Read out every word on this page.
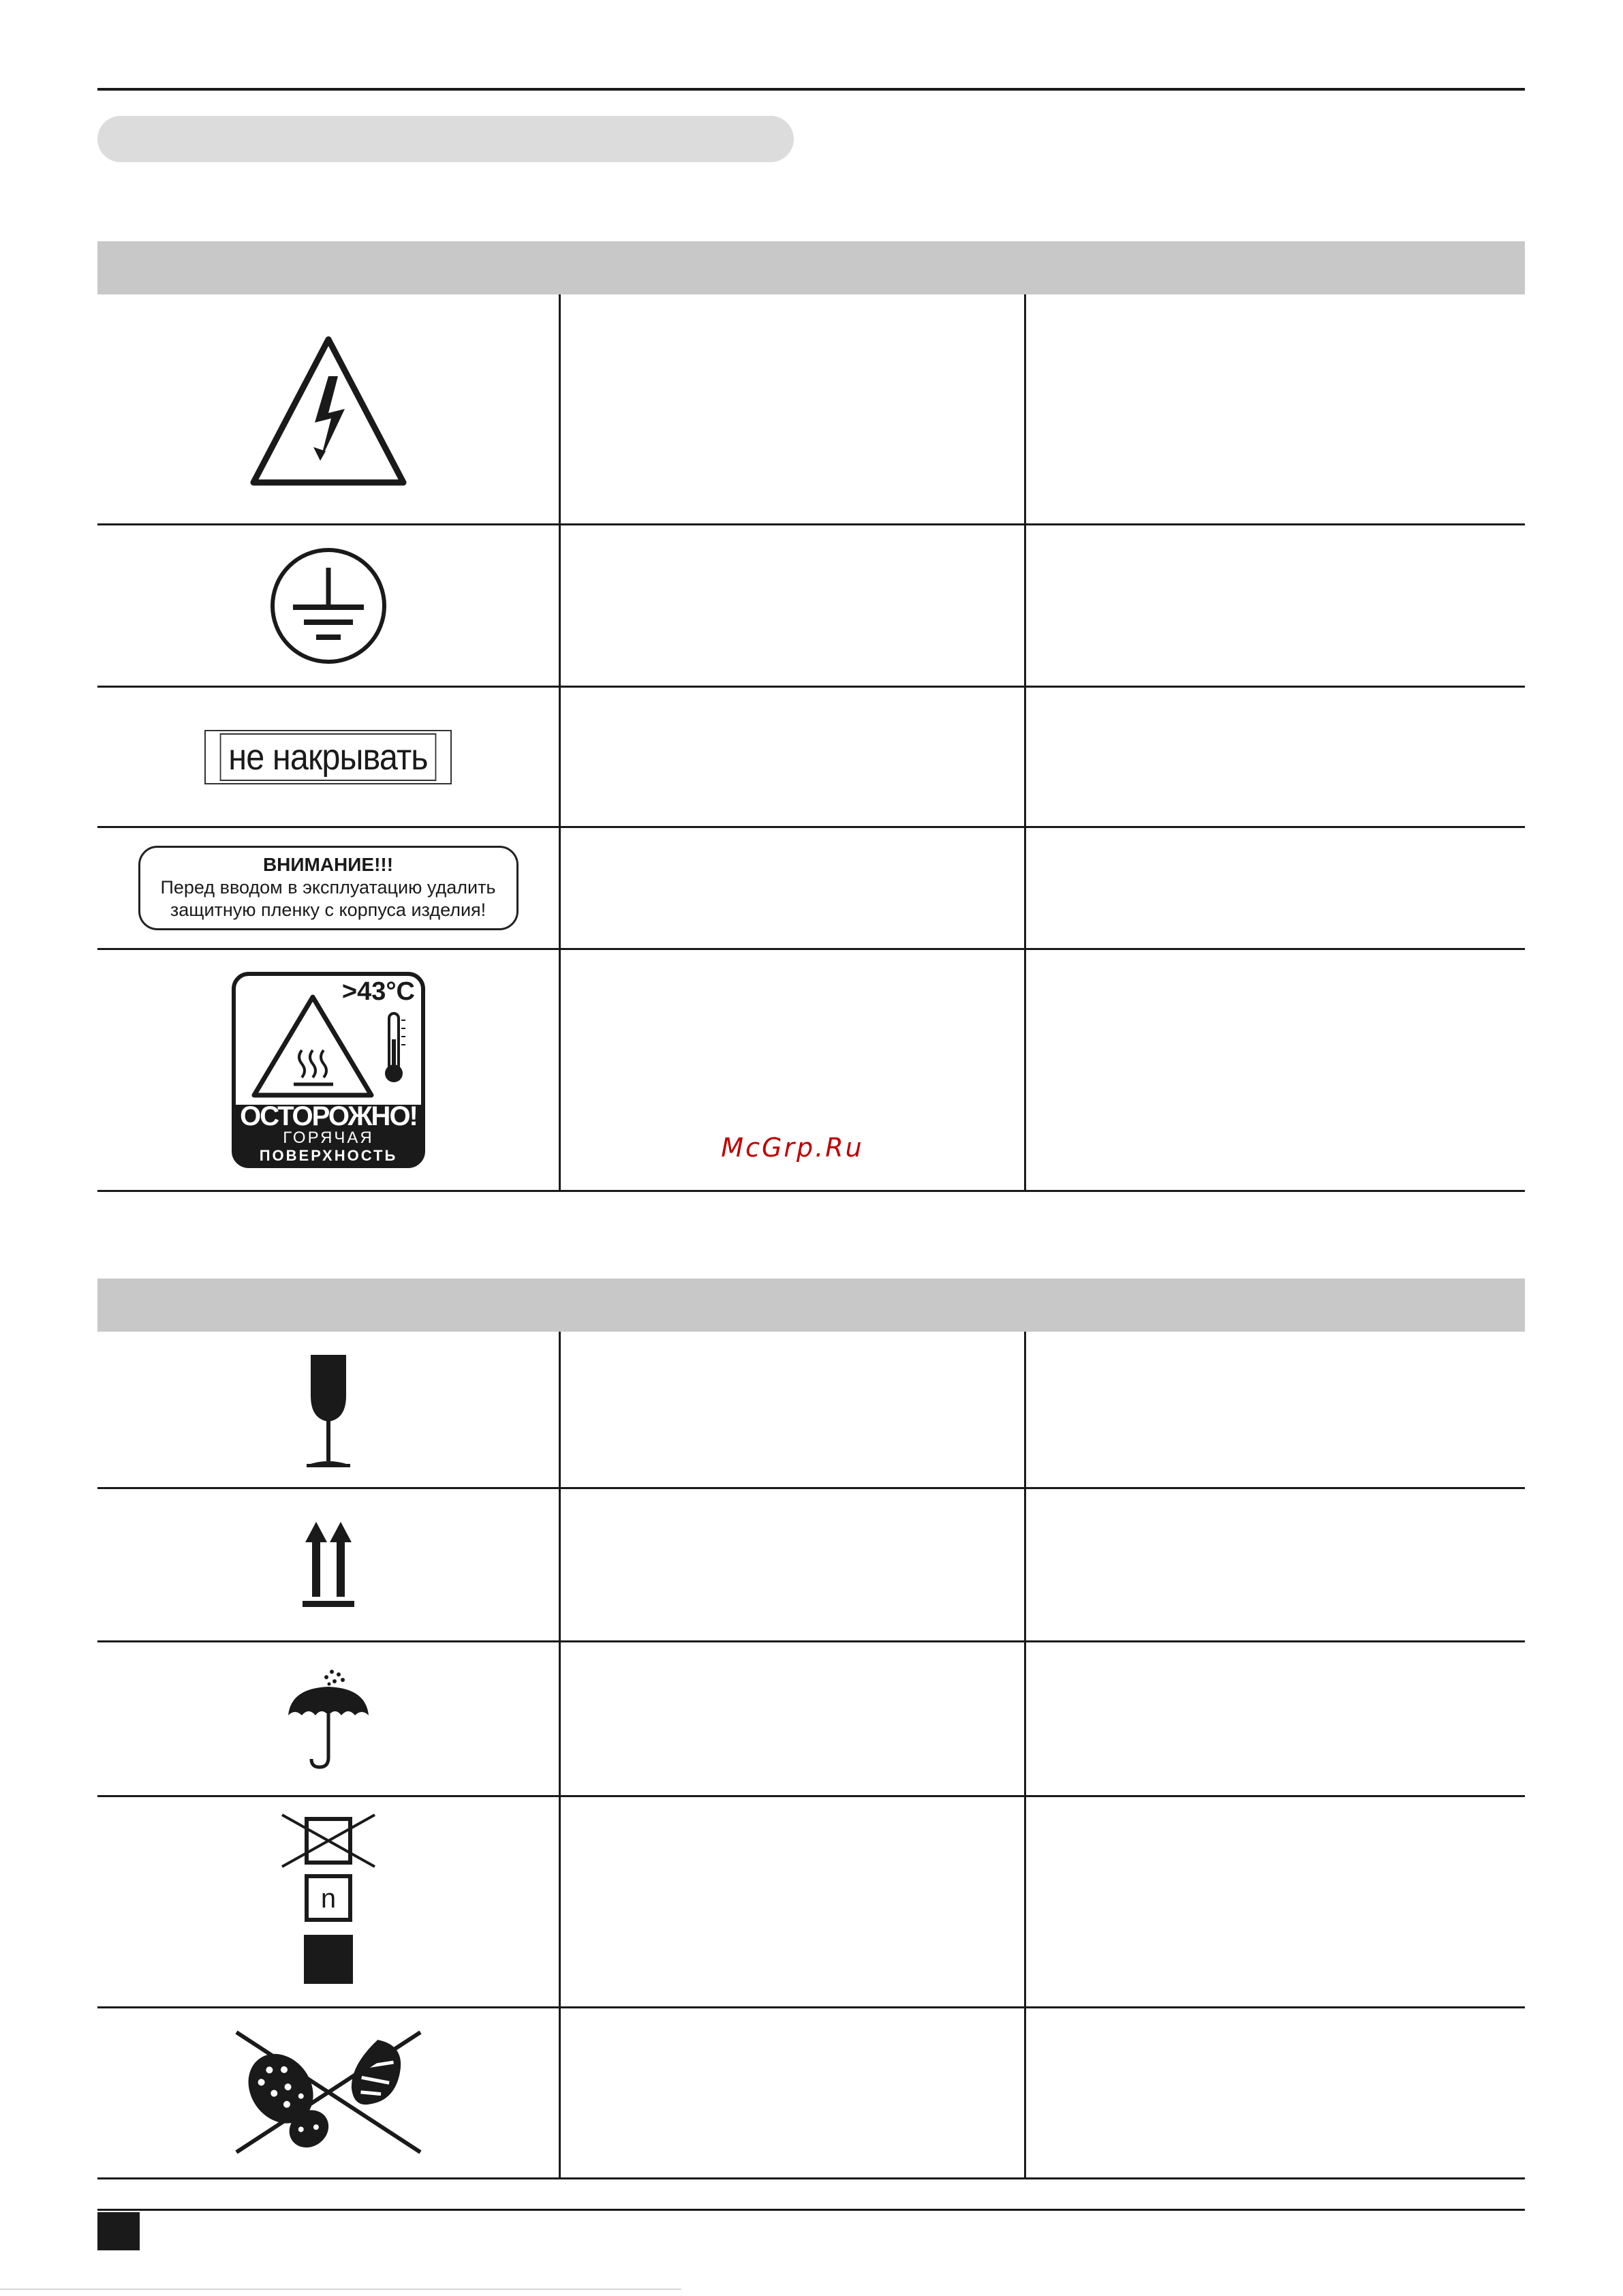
не накрывать
ВНИМАНИЕ!!!
Перед вводом в эксплуатацию удалить
защитную пленку с корпуса изделия!
>43°C
ОСТОРОЖНО!
ГОРЯЧАЯ
ПОВЕРХНОСТЬ	McGrp.Ru
n
